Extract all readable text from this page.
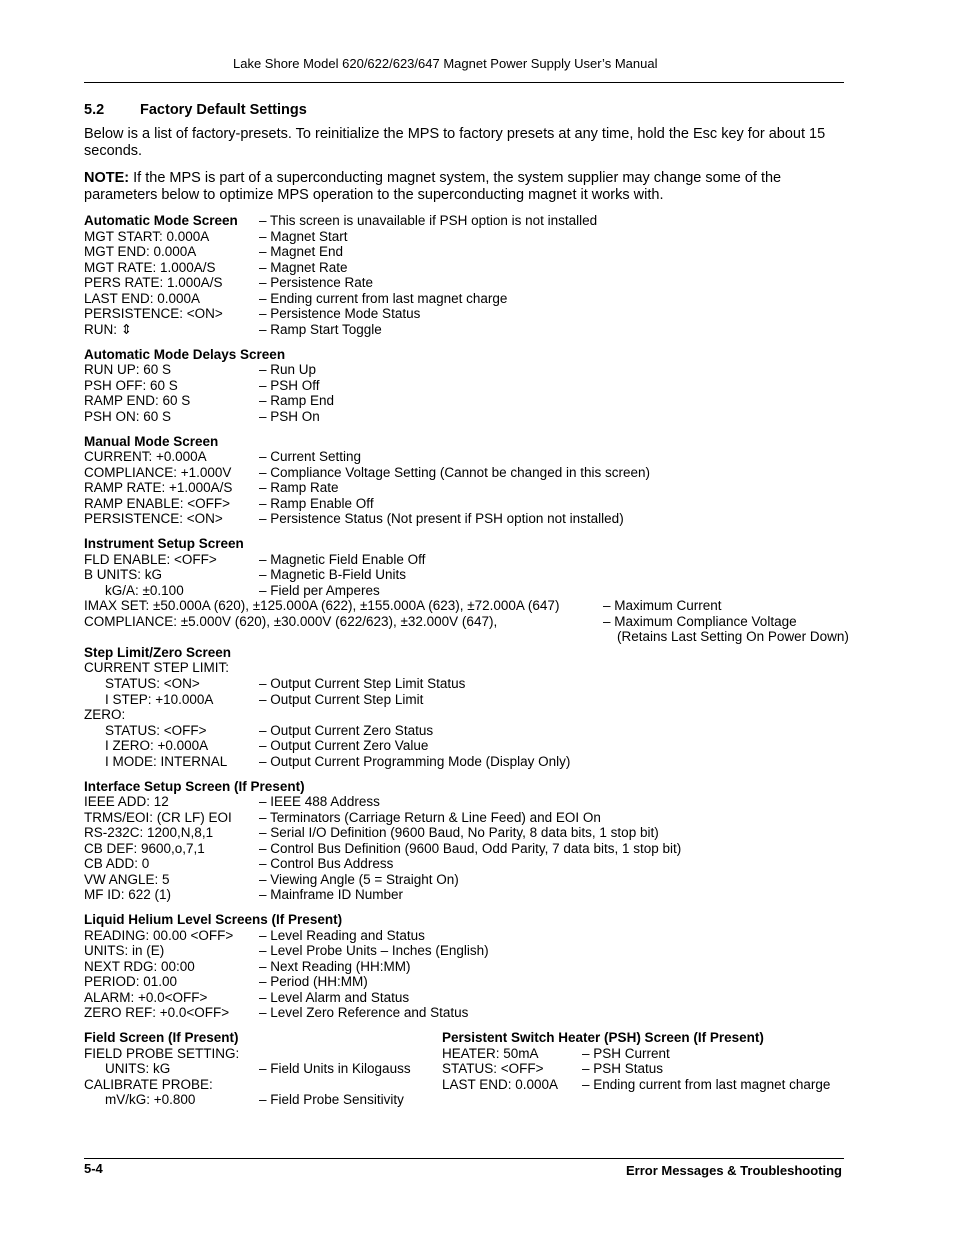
Lake Shore Model 620/622/623/647 Magnet Power Supply User’s Manual
5.2 Factory Default Settings
Below is a list of factory-presets. To reinitialize the MPS to factory presets at any time, hold the Esc key for about 15 seconds.
NOTE: If the MPS is part of a superconducting magnet system, the system supplier may change some of the parameters below to optimize MPS operation to the superconducting magnet it works with.
Automatic Mode Screen – This screen is unavailable if PSH option is not installed
MGT START: 0.000A	– Magnet Start
MGT END: 0.000A	– Magnet End
MGT RATE: 1.000A/S	– Magnet Rate
PERS RATE: 1.000A/S	– Persistence Rate
LAST END: 0.000A	– Ending current from last magnet charge
PERSISTENCE: <ON>	– Persistence Mode Status
RUN: ⇕	– Ramp Start Toggle
Automatic Mode Delays Screen
RUN UP: 60 S	– Run Up
PSH OFF: 60 S	– PSH Off
RAMP END: 60 S	– Ramp End
PSH ON: 60 S	– PSH On
Manual Mode Screen
CURRENT: +0.000A	– Current Setting
COMPLIANCE: +1.000V – Compliance Voltage Setting (Cannot be changed in this screen)
RAMP RATE: +1.000A/S – Ramp Rate
RAMP ENABLE: <OFF> – Ramp Enable Off
PERSISTENCE: <ON>	– Persistence Status (Not present if PSH option not installed)
Instrument Setup Screen
FLD ENABLE: <OFF>	– Magnetic Field Enable Off
B UNITS: kG	– Magnetic B-Field Units
kG/A: ±0.100	– Field per Amperes
IMAX SET: ±50.000A (620), ±125.000A (622), ±155.000A (623), ±72.000A (647)	– Maximum Current
COMPLIANCE: ±5.000V (620), ±30.000V (622/623), ±32.000V (647),	– Maximum Compliance Voltage
(Retains Last Setting On Power Down)
Step Limit/Zero Screen
CURRENT STEP LIMIT:
STATUS: <ON>	– Output Current Step Limit Status
I STEP: +10.000A	– Output Current Step Limit
ZERO:
STATUS: <OFF>	– Output Current Zero Status
I ZERO: +0.000A	– Output Current Zero Value
I MODE: INTERNAL – Output Current Programming Mode (Display Only)
Interface Setup Screen (If Present)
IEEE ADD: 12	– IEEE 488 Address
TRMS/EOI: (CR LF) EOI – Terminators (Carriage Return & Line Feed) and EOI On
RS-232C: 1200,N,8,1	– Serial I/O Definition (9600 Baud, No Parity, 8 data bits, 1 stop bit)
CB DEF: 9600,o,7,1	– Control Bus Definition (9600 Baud, Odd Parity, 7 data bits, 1 stop bit)
CB ADD: 0	– Control Bus Address
VW ANGLE: 5	– Viewing Angle (5 = Straight On)
MF ID: 622 (1)	– Mainframe ID Number
Liquid Helium Level Screens (If Present)
READING: 00.00 <OFF> – Level Reading and Status
UNITS: in (E)	– Level Probe Units – Inches (English)
NEXT RDG: 00:00	– Next Reading (HH:MM)
PERIOD: 01.00	– Period (HH:MM)
ALARM: +0.0<OFF>	– Level Alarm and Status
ZERO REF: +0.0<OFF> – Level Zero Reference and Status
Field Screen (If Present)
FIELD PROBE SETTING:
UNITS: kG	– Field Units in Kilogauss
CALIBRATE PROBE:
mV/kG: +0.800	– Field Probe Sensitivity
Persistent Switch Heater (PSH) Screen (If Present)
HEATER: 50mA	– PSH Current
STATUS: <OFF>	– PSH Status
LAST END: 0.000A – Ending current from last magnet charge
5-4	Error Messages & Troubleshooting
